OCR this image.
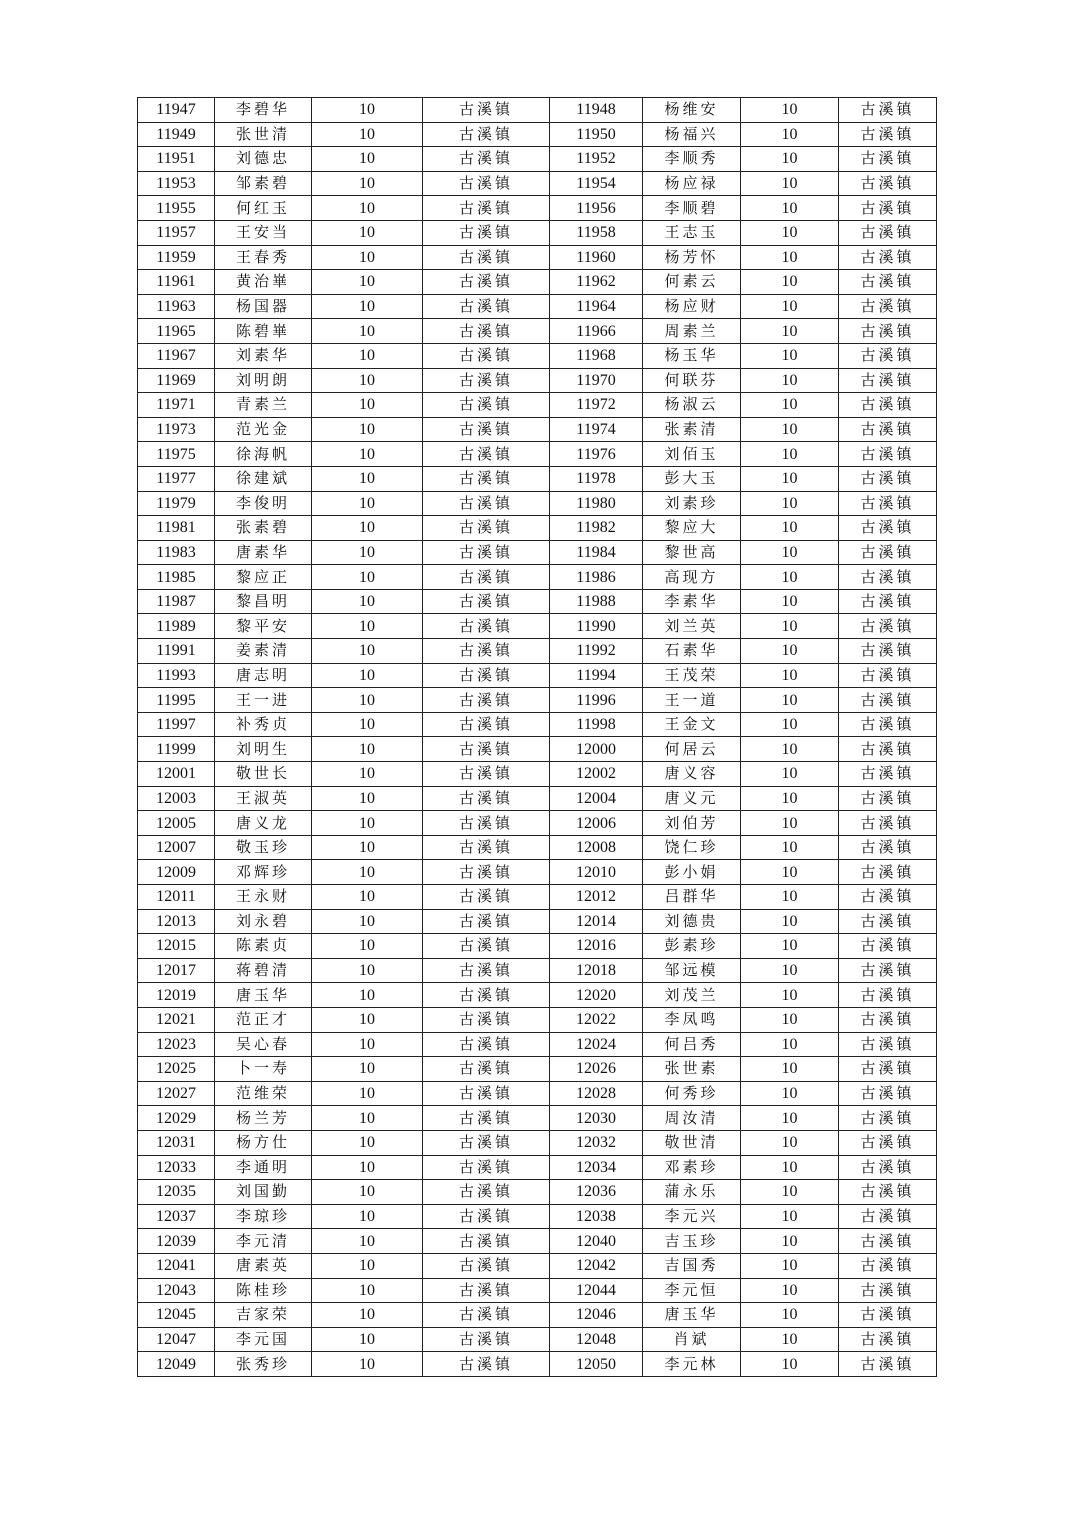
11947	李碧华	10	古溪镇	11948	杨维安	10	古溪镇
11949	张世清	10	古溪镇	11950	杨福兴	10	古溪镇
11951	刘德忠	10	古溪镇	11952	李顺秀	10	古溪镇
11953	邹素碧	10	古溪镇	11954	杨应禄	10	古溪镇
11955	何红玉	10	古溪镇	11956	李顺碧	10	古溪镇
11957	王安当	10	古溪镇	11958	王志玉	10	古溪镇
11959	王春秀	10	古溪镇	11960	杨芳怀	10	古溪镇
11961	黄治崋	10	古溪镇	11962	何素云	10	古溪镇
11963	杨国器	10	古溪镇	11964	杨应财	10	古溪镇
11965	陈碧崋	10	古溪镇	11966	周素兰	10	古溪镇
11967	刘素华	10	古溪镇	11968	杨玉华	10	古溪镇
11969	刘明朗	10	古溪镇	11970	何联芬	10	古溪镇
11971	青素兰	10	古溪镇	11972	杨淑云	10	古溪镇
11973	范光金	10	古溪镇	11974	张素清	10	古溪镇
11975	徐海帆	10	古溪镇	11976	刘佰玉	10	古溪镇
11977	徐建斌	10	古溪镇	11978	彭大玉	10	古溪镇
11979	李俊明	10	古溪镇	11980	刘素珍	10	古溪镇
11981	张素碧	10	古溪镇	11982	黎应大	10	古溪镇
11983	唐素华	10	古溪镇	11984	黎世高	10	古溪镇
11985	黎应正	10	古溪镇	11986	高现方	10	古溪镇
11987	黎昌明	10	古溪镇	11988	李素华	10	古溪镇
11989	黎平安	10	古溪镇	11990	刘兰英	10	古溪镇
11991	姜素清	10	古溪镇	11992	石素华	10	古溪镇
11993	唐志明	10	古溪镇	11994	王茂荣	10	古溪镇
11995	王一进	10	古溪镇	11996	王一道	10	古溪镇
11997	补秀贞	10	古溪镇	11998	王金文	10	古溪镇
11999	刘明生	10	古溪镇	12000	何居云	10	古溪镇
12001	敬世长	10	古溪镇	12002	唐义容	10	古溪镇
12003	王淑英	10	古溪镇	12004	唐义元	10	古溪镇
12005	唐义龙	10	古溪镇	12006	刘伯芳	10	古溪镇
12007	敬玉珍	10	古溪镇	12008	饶仁珍	10	古溪镇
12009	邓辉珍	10	古溪镇	12010	彭小娟	10	古溪镇
12011	王永财	10	古溪镇	12012	吕群华	10	古溪镇
12013	刘永碧	10	古溪镇	12014	刘德贵	10	古溪镇
12015	陈素贞	10	古溪镇	12016	彭素珍	10	古溪镇
12017	蒋碧清	10	古溪镇	12018	邹远模	10	古溪镇
12019	唐玉华	10	古溪镇	12020	刘茂兰	10	古溪镇
12021	范正才	10	古溪镇	12022	李凤鸣	10	古溪镇
12023	吴心春	10	古溪镇	12024	何吕秀	10	古溪镇
12025	卜一寿	10	古溪镇	12026	张世素	10	古溪镇
12027	范维荣	10	古溪镇	12028	何秀珍	10	古溪镇
12029	杨兰芳	10	古溪镇	12030	周汝清	10	古溪镇
12031	杨方仕	10	古溪镇	12032	敬世清	10	古溪镇
12033	李通明	10	古溪镇	12034	邓素珍	10	古溪镇
12035	刘国勤	10	古溪镇	12036	蒲永乐	10	古溪镇
12037	李琼珍	10	古溪镇	12038	李元兴	10	古溪镇
12039	李元清	10	古溪镇	12040	吉玉珍	10	古溪镇
12041	唐素英	10	古溪镇	12042	吉国秀	10	古溪镇
12043	陈桂珍	10	古溪镇	12044	李元恒	10	古溪镇
12045	吉家荣	10	古溪镇	12046	唐玉华	10	古溪镇
12047	李元国	10	古溪镇	12048	肖斌	10	古溪镇
12049	张秀珍	10	古溪镇	12050	李元林	10	古溪镇
